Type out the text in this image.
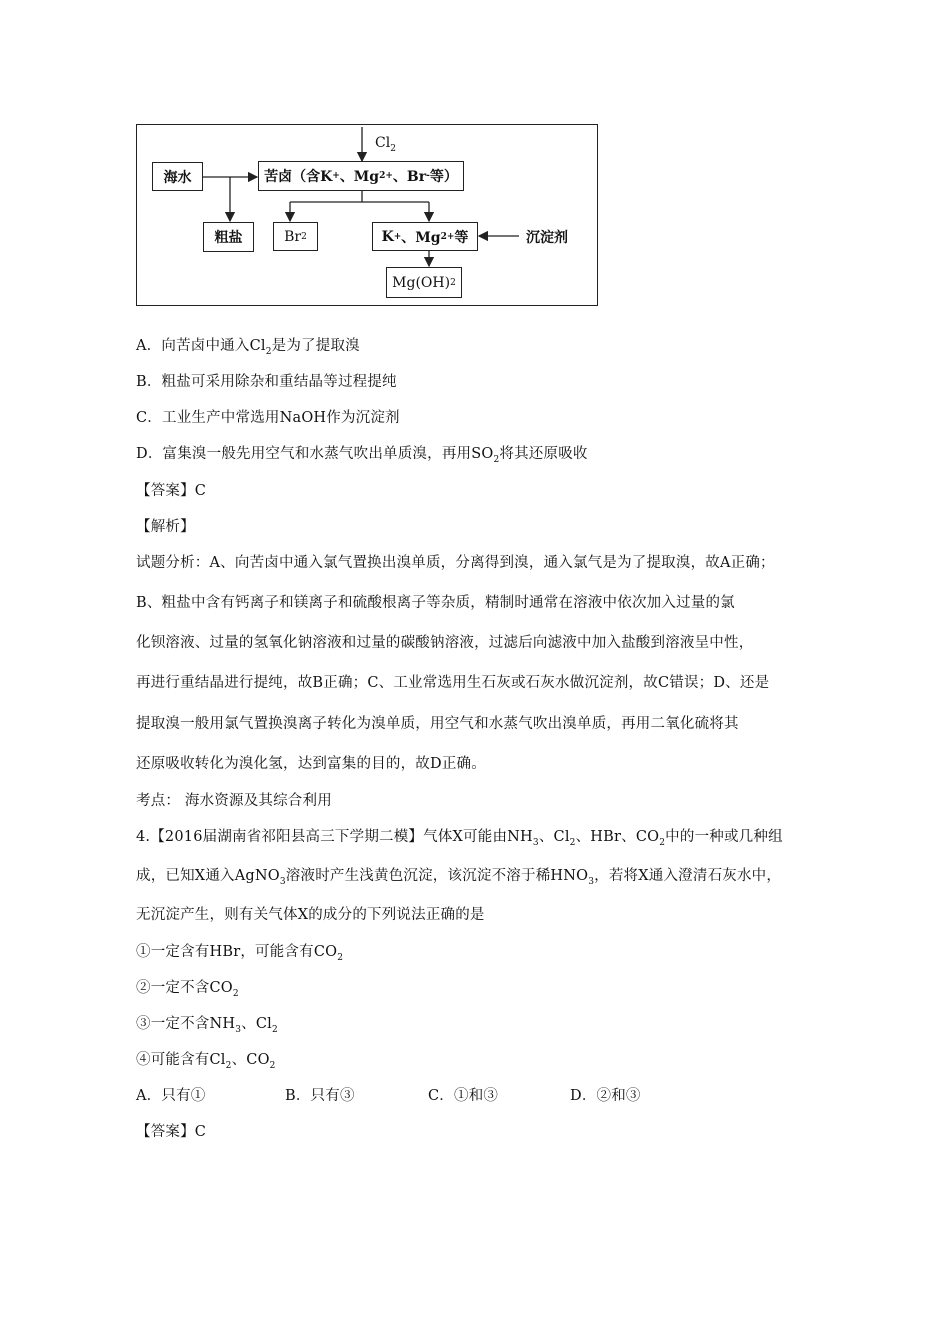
$Cl_2$
海水	苦卤（含K + 、Mg 2+ 、Br - 等）
粗盐	Br 2	K + 、Mg 2+ 等	沉淀剂
Mg(OH) 2
A．向苦卤中通入$Cl_2$是为了提取溴
B．粗盐可采用除杂和重结晶等过程提纯
C．工业生产中常选用NaOH作为沉淀剂
D．富集溴一般先用空气和水蒸气吹出单质溴，再用$SO_2$将其还原吸收
【答案】C
【解析】
试题分析：A、向苦卤中通入氯气置换出溴单质，分离得到溴，通入氯气是为了提取溴，故A正确；
B、粗盐中含有钙离子和镁离子和硫酸根离子等杂质，精制时通常在溶液中依次加入过量的氯
化钡溶液、过量的氢氧化钠溶液和过量的碳酸钠溶液，过滤后向滤液中加入盐酸到溶液呈中性，
再进行重结晶进行提纯，故B正确；C、工业常选用生石灰或石灰水做沉淀剂，故C错误；D、还是
提取溴一般用氯气置换溴离子转化为溴单质，用空气和水蒸气吹出溴单质，再用二氧化硫将其
还原吸收转化为溴化氢，达到富集的目的，故D正确。
考点： 海水资源及其综合利用
4.【2016届湖南省祁阳县高三下学期二模】气体X可能由$NH_3$、$Cl_2$、HBr、$CO_2$中的一种或几种组
成，已知X通入AgNO$_3$溶液时产生浅黄色沉淀，该沉淀不溶于稀$HNO_3$，若将X通入澄清石灰水中，
无沉淀产生，则有关气体X的成分的下列说法正确的是
①一定含有HBr，可能含有$CO_2$
②一定不含$CO_2$
③一定不含$NH_3$、$Cl_2$
④可能含有$Cl_2$、$CO_2$
A．只有①	B．只有③	C．①和③	D．②和③
【答案】C
